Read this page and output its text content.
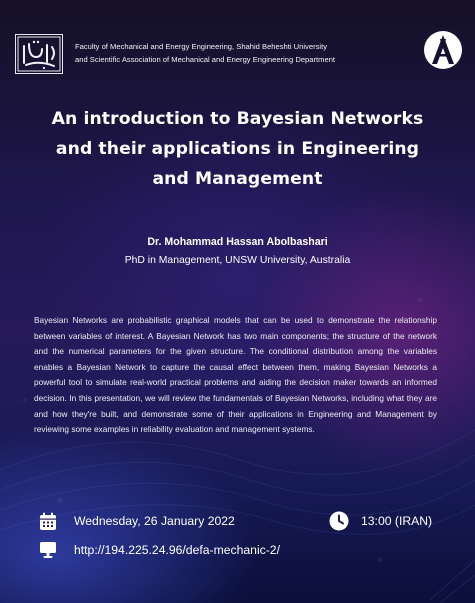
Faculty of Mechanical and Energy Engineering, Shahid Beheshti University
and Scientific Association of Mechanical and Energy Engineering Department
An introduction to Bayesian Networks
and their applications in Engineering
and Management
Dr. Mohammad Hassan Abolbashari
PhD in Management, UNSW University, Australia
Bayesian Networks are probabilistic graphical models that can be used to demonstrate the relationship between variables of interest. A Bayesian Network has two main components; the structure of the network and the numerical parameters for the given structure. The conditional distribution among the variables enables a Bayesian Network to capture the causal effect between them, making Bayesian Networks a powerful tool to simulate real-world practical problems and aiding the decision maker towards an informed decision. In this presentation, we will review the fundamentals of Bayesian Networks, including what they are and how they're built, and demonstrate some of their applications in Engineering and Management by reviewing some examples in reliability evaluation and management systems.
Wednesday, 26 January 2022	13:00 (IRAN)
http://194.225.24.96/defa-mechanic-2/
